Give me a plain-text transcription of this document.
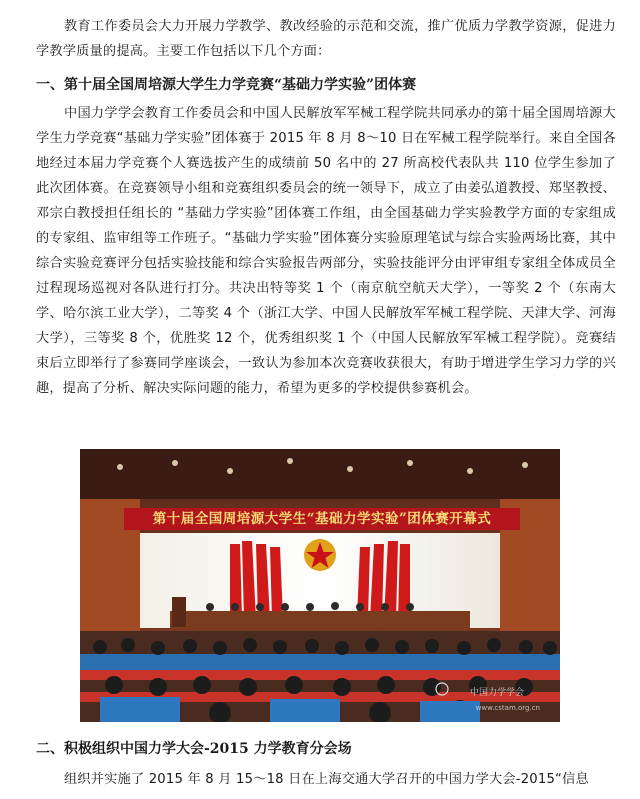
教育工作委员会大力开展力学教学、教改经验的示范和交流，推广优质力学教学资源，促进力学教学质量的提高。主要工作包括以下几个方面：
一、第十届全国周培源大学生力学竞赛“基础力学实验”团体赛
中国力学学会教育工作委员会和中国人民解放军军械工程学院共同承办的第十届全国周培源大学生力学竞赛“基础力学实验”团体赛于 2015 年 8 月 8～10 日在军械工程学院举行。来自全国各地经过本届力学竞赛个人赛选拔产生的成绩前 50 名中的 27 所高校代表队共 110 位学生参加了此次团体赛。在竞赛领导小组和竞赛组织委员会的统一领导下，成立了由姜弘道教授、郑坚教授、邓宗白教授担任组长的 “基础力学实验”团体赛工作组，由全国基础力学实验教学方面的专家组成的专家组、监审组等工作班子。“基础力学实验”团体赛分实验原理笔试与综合实验两场比赛，其中综合实验竞赛评分包括实验技能和综合实验报告两部分，实验技能评分由评审组专家组全体成员全过程现场巡视对各队进行打分。共决出特等奖 1 个（南京航空航天大学），一等奖 2 个（东南大学、哈尔滨工业大学），二等奖 4 个（浙江大学、中国人民解放军军械工程学院、天津大学、河海大学），三等奖 8 个，优胜奖 12 个，优秀组织奖 1 个（中国人民解放军军械工程学院）。竞赛结束后立即举行了参赛同学座谈会，一致认为参加本次竞赛收获很大，有助于增进学生学习力学的兴趣，提高了分析、解决实际问题的能力，希望为更多的学校提供参赛机会。
第十届全国周培源大学生“基础力学实验”团体赛开幕式
中国力学学会
www.cstam.org.cn
二、积极组织中国力学大会-2015 力学教育分会场
组织并实施了 2015 年 8 月 15～18 日在上海交通大学召开的中国力学大会-2015“信息
